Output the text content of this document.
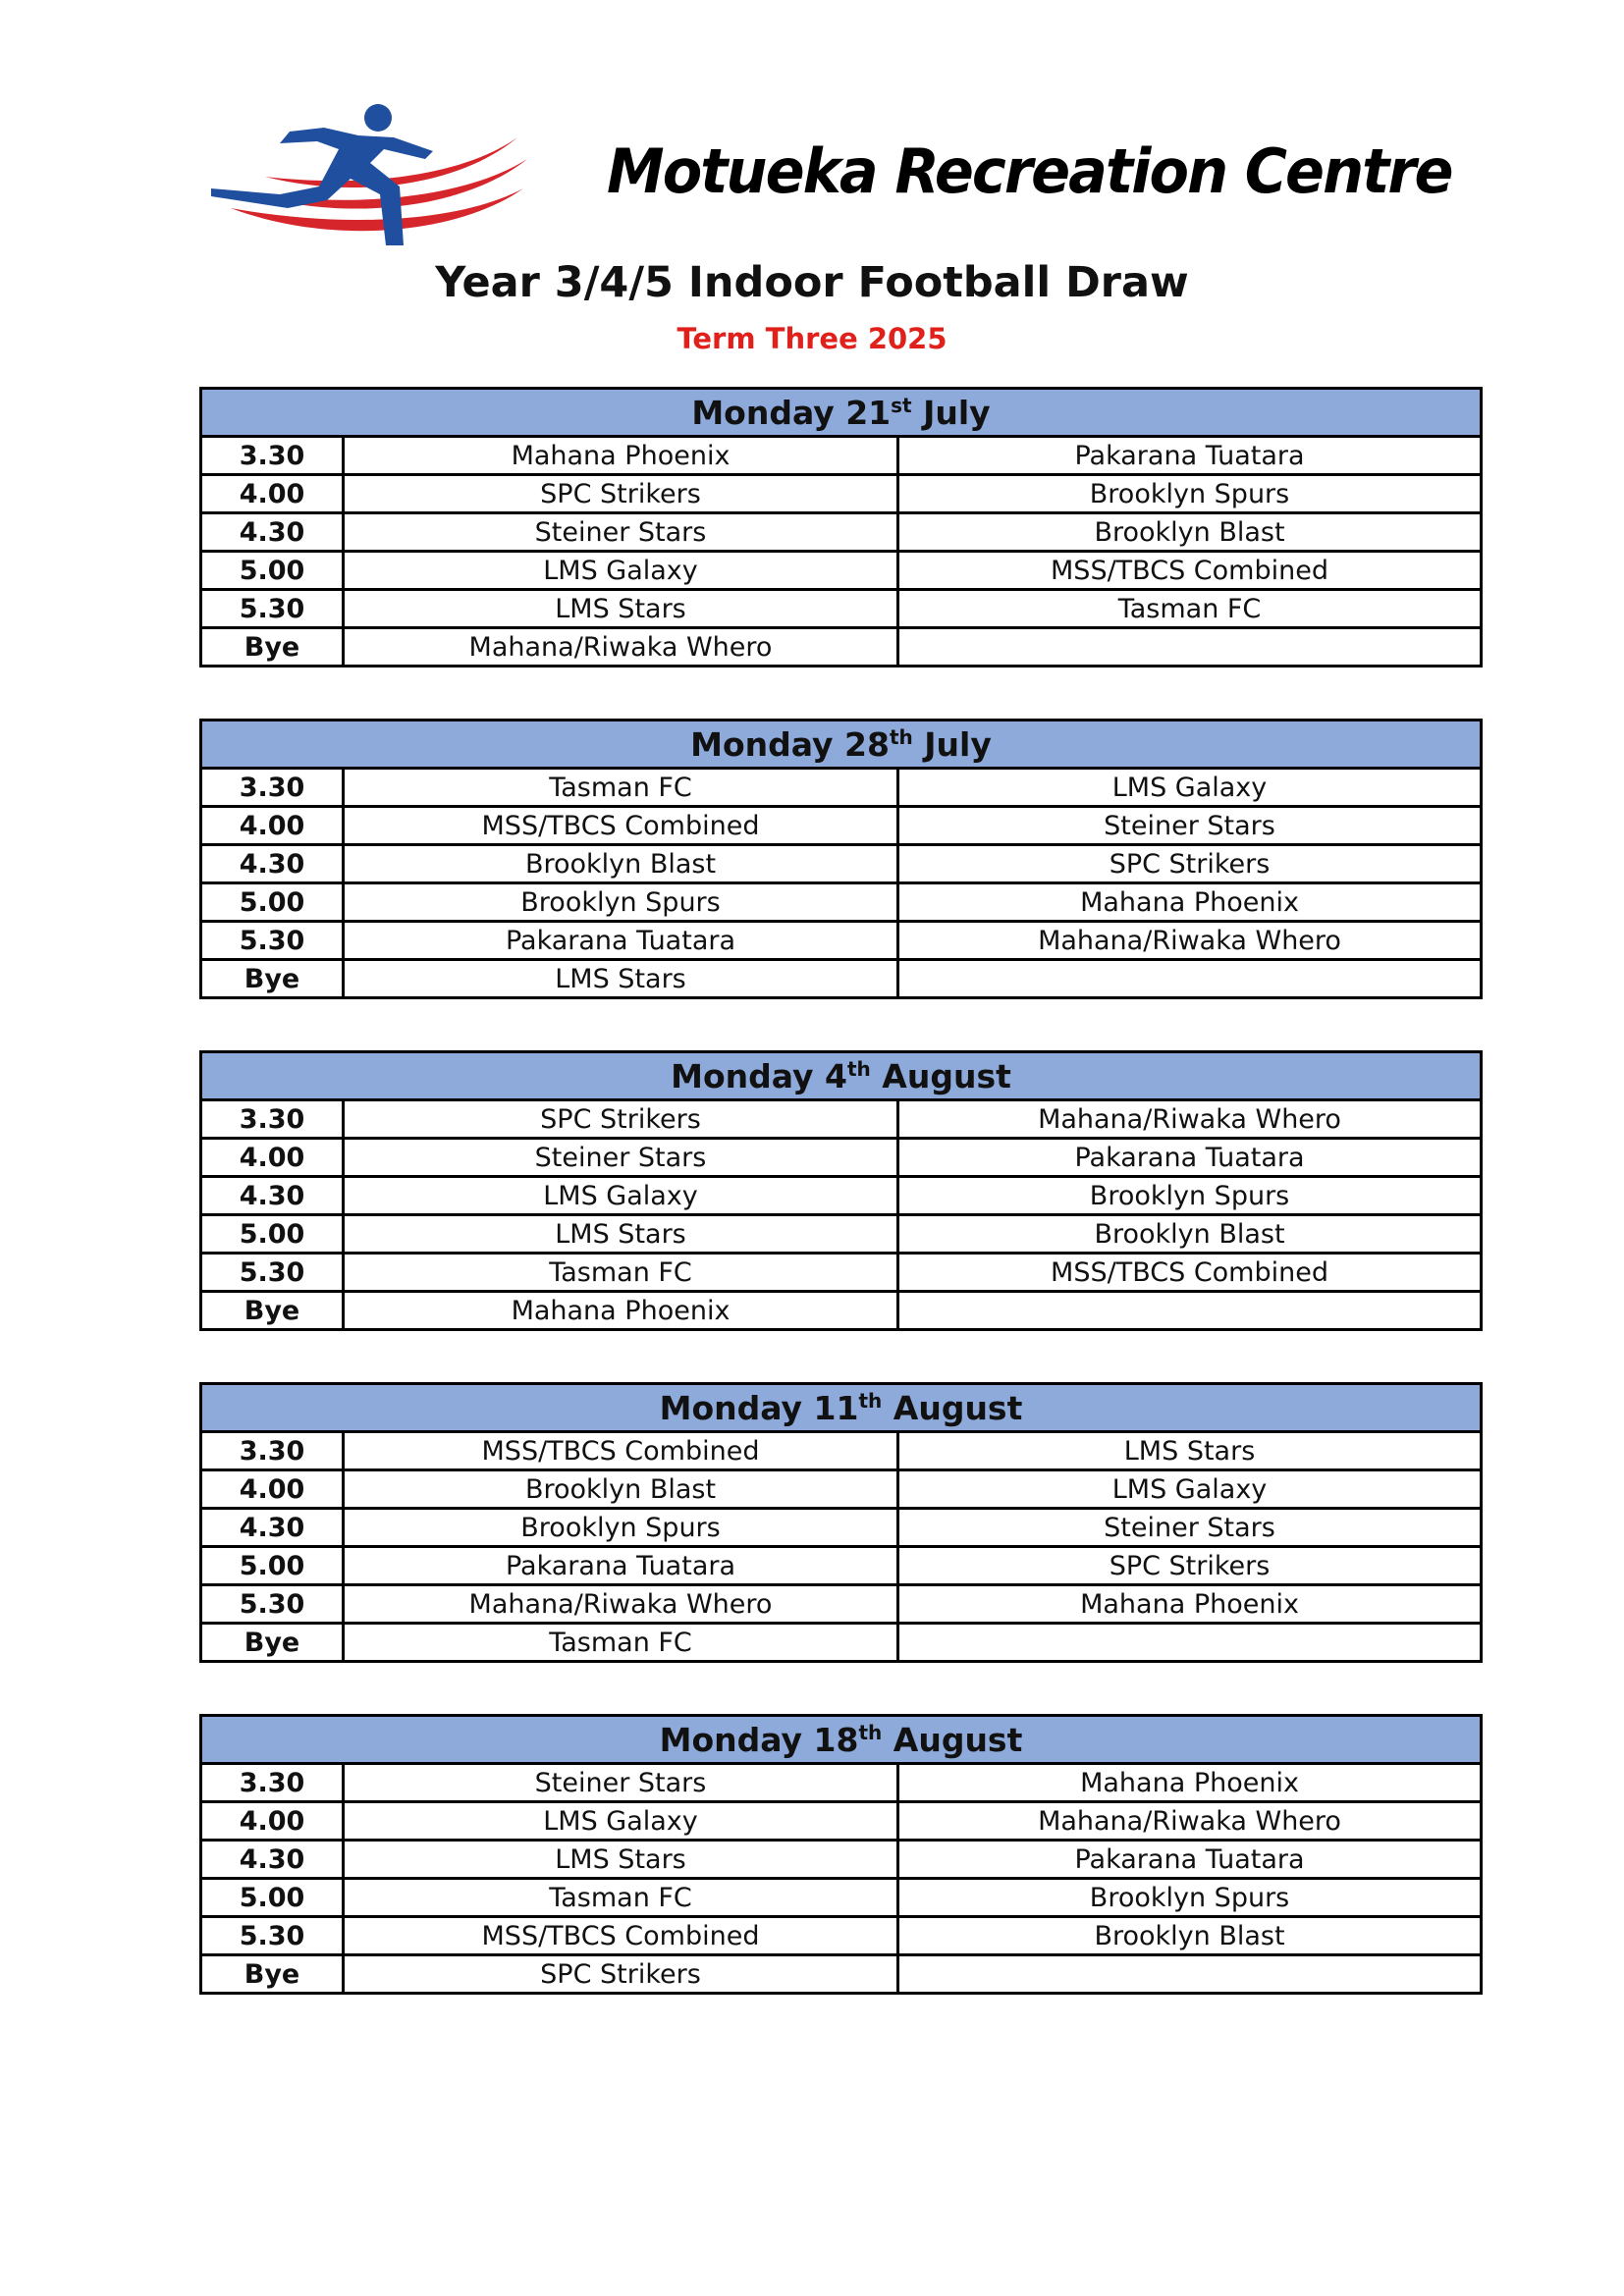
Motueka Recreation Centre
Year 3/4/5 Indoor Football Draw
Term Three 2025
Monday 21st July		
3.30	Mahana Phoenix	Pakarana Tuatara
4.00	SPC Strikers	Brooklyn Spurs
4.30	Steiner Stars	Brooklyn Blast
5.00	LMS Galaxy	MSS/TBCS Combined
5.30	LMS Stars	Tasman FC
Bye	Mahana/Riwaka Whero	
Monday 28th July		
3.30	Tasman FC	LMS Galaxy
4.00	MSS/TBCS Combined	Steiner Stars
4.30	Brooklyn Blast	SPC Strikers
5.00	Brooklyn Spurs	Mahana Phoenix
5.30	Pakarana Tuatara	Mahana/Riwaka Whero
Bye	LMS Stars	
Monday 4th August		
3.30	SPC Strikers	Mahana/Riwaka Whero
4.00	Steiner Stars	Pakarana Tuatara
4.30	LMS Galaxy	Brooklyn Spurs
5.00	LMS Stars	Brooklyn Blast
5.30	Tasman FC	MSS/TBCS Combined
Bye	Mahana Phoenix	
Monday 11th August		
3.30	MSS/TBCS Combined	LMS Stars
4.00	Brooklyn Blast	LMS Galaxy
4.30	Brooklyn Spurs	Steiner Stars
5.00	Pakarana Tuatara	SPC Strikers
5.30	Mahana/Riwaka Whero	Mahana Phoenix
Bye	Tasman FC	
Monday 18th August		
3.30	Steiner Stars	Mahana Phoenix
4.00	LMS Galaxy	Mahana/Riwaka Whero
4.30	LMS Stars	Pakarana Tuatara
5.00	Tasman FC	Brooklyn Spurs
5.30	MSS/TBCS Combined	Brooklyn Blast
Bye	SPC Strikers	
